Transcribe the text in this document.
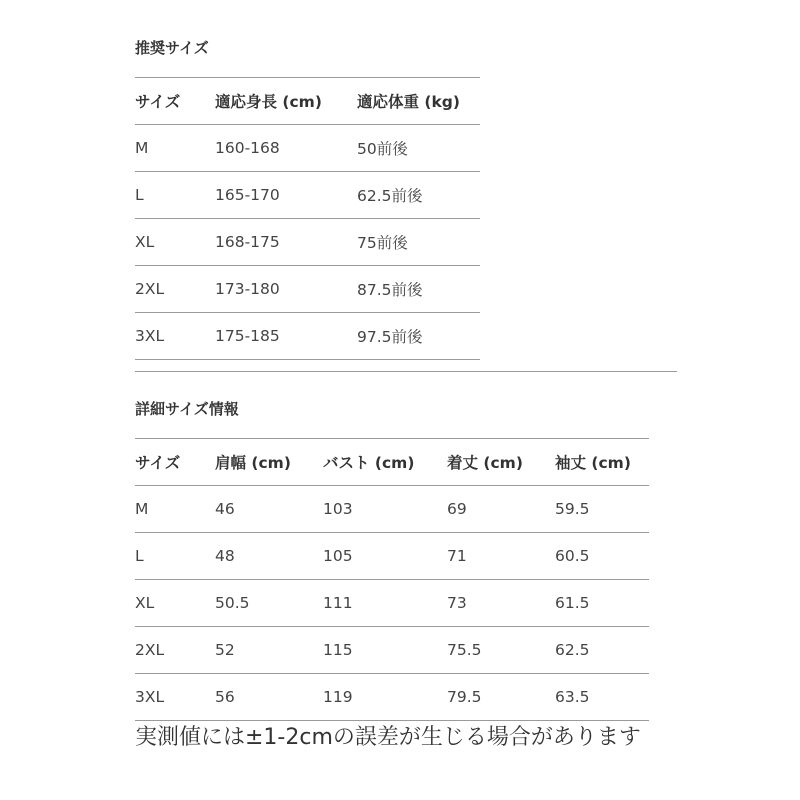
推奨サイズ
サイズ	適応身長 (cm)	適応体重 (kg)
M	160-168	50前後
L	165-170	62.5前後
XL	168-175	75前後
2XL	173-180	87.5前後
3XL	175-185	97.5前後
詳細サイズ情報
サイズ	肩幅 (cm)	バスト (cm)	着丈 (cm)	袖丈 (cm)
M	46	103	69	59.5
L	48	105	71	60.5
XL	50.5	111	73	61.5
2XL	52	115	75.5	62.5
3XL	56	119	79.5	63.5

実測値には±1-2cmの誤差が生じる場合があります
